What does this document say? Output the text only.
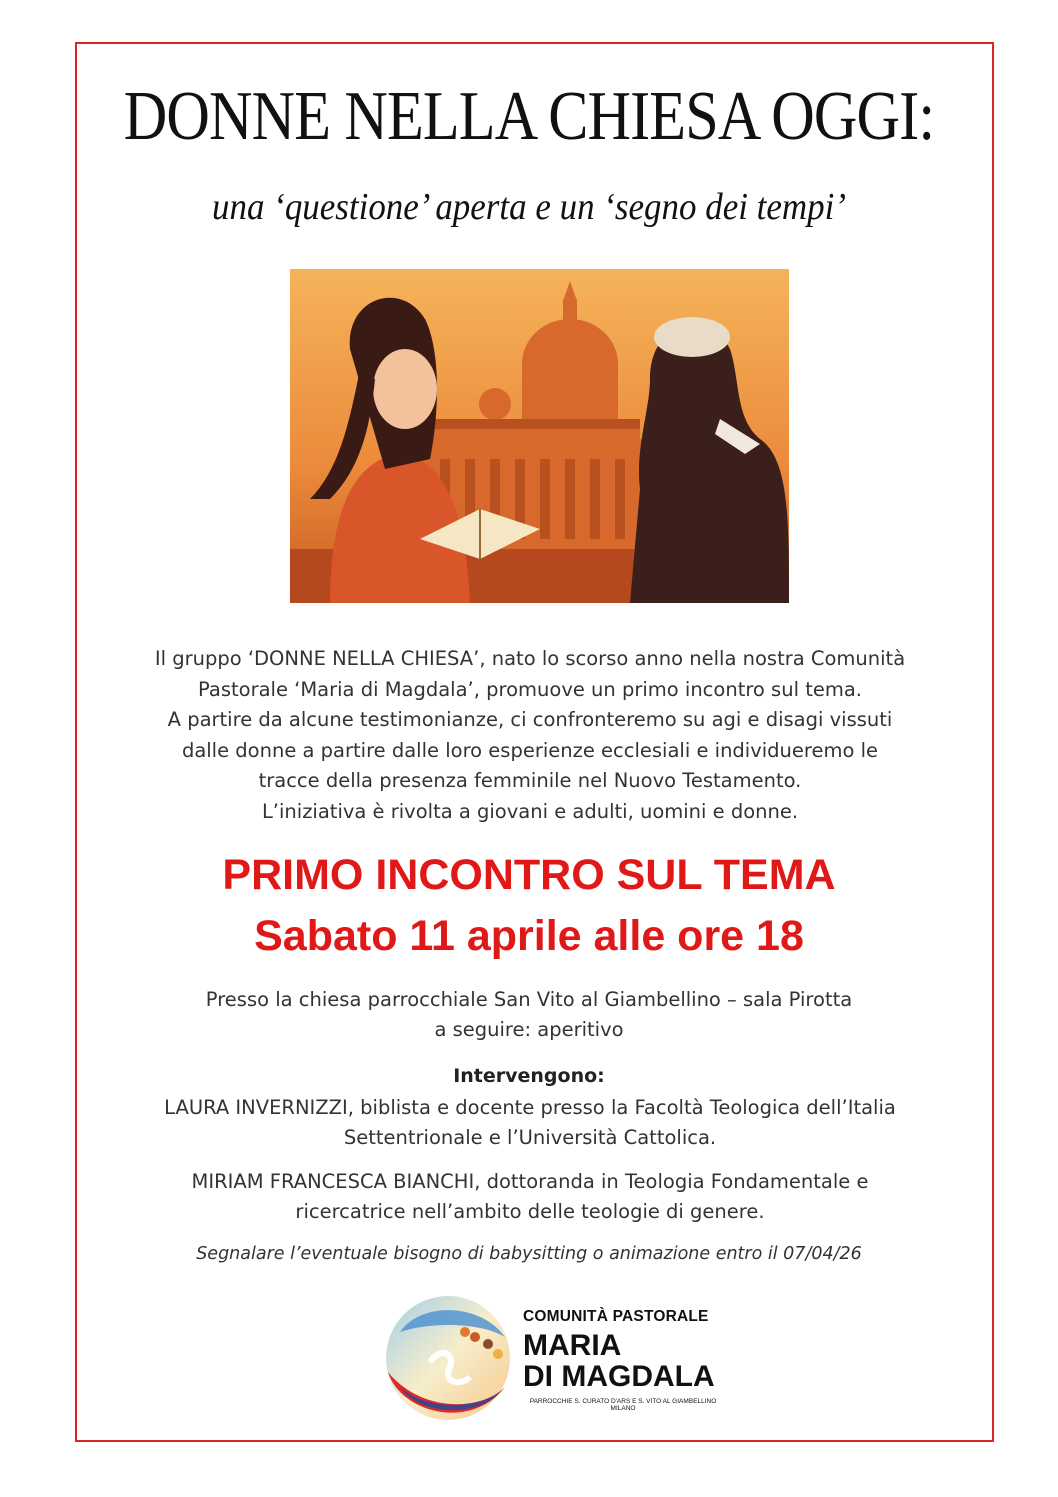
DONNE NELLA CHIESA OGGI:
una ‘questione’ aperta e un ‘segno dei tempi’
Il gruppo ‘DONNE NELLA CHIESA’, nato lo scorso anno nella nostra Comunità
Pastorale ‘Maria di Magdala’, promuove un primo incontro sul tema.
A partire da alcune testimonianze, ci confronteremo su agi e disagi vissuti
dalle donne a partire dalle loro esperienze ecclesiali e individueremo le
tracce della presenza femminile nel Nuovo Testamento.
L’iniziativa è rivolta a giovani e adulti, uomini e donne.
PRIMO INCONTRO SUL TEMA
Sabato 11 aprile alle ore 18
Presso la chiesa parrocchiale San Vito al Giambellino – sala Pirotta
a seguire: aperitivo
Intervengono:
LAURA INVERNIZZI, biblista e docente presso la Facoltà Teologica dell’Italia
Settentrionale e l’Università Cattolica.
MIRIAM FRANCESCA BIANCHI, dottoranda in Teologia Fondamentale e
ricercatrice nell’ambito delle teologie di genere.
Segnalare l’eventuale bisogno di babysitting o animazione entro il 07/04/26
COMUNITÀ PASTORALE
MARIA
DI MAGDALA
PARROCCHIE S. CURATO D'ARS E S. VITO AL GIAMBELLINO
MILANO
